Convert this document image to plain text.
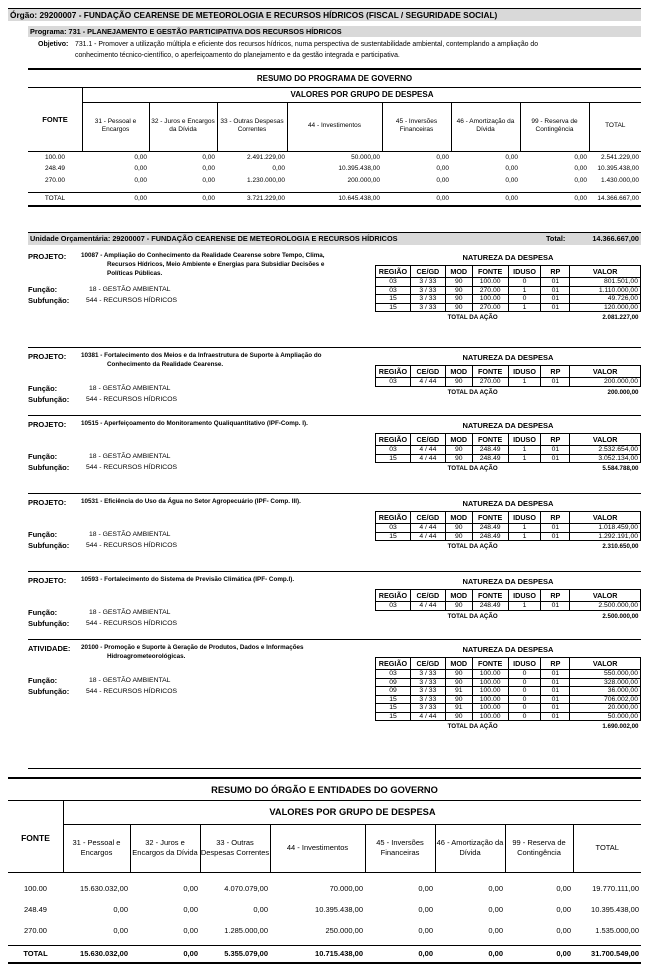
Órgão: 29200007 - FUNDAÇÃO CEARENSE DE METEOROLOGIA E RECURSOS HÍDRICOS (FISCAL / SEGURIDADE SOCIAL)
Programa: 731 - PLANEJAMENTO E GESTÃO PARTICIPATIVA DOS RECURSOS HÍDRICOS
Objetivo: 731.1 - Promover a utilização múltipla e eficiente dos recursos hídricos, numa perspectiva de sustentabilidade ambiental, contemplando a ampliação do
conhecimento técnico-científico, o aperfeiçoamento do planejamento e da gestão integrada e participativa.
RESUMO DO PROGRAMA DE GOVERNO
VALORES POR GRUPO DE DESPESA
FONTE
		31 - Pessoal e Encargos	32 - Juros e Encargos da Dívida	33 - Outras Despesas Correntes	44 - Investimentos	45 - Inversões Financeiras	46 - Amortização da Dívida	99 - Reserva de Contingência	TOTAL

100.00	0,00	0,00	2.491.229,00	50.000,00	0,00	0,00	0,00	2.541.229,00
248.49	0,00	0,00	0,00	10.395.438,00	0,00	0,00	0,00	10.395.438,00
270.00	0,00	0,00	1.230.000,00	200.000,00	0,00	0,00	0,00	1.430.000,00

TOTAL	0,00	0,00	3.721.229,00	10.645.438,00	0,00	0,00	0,00	14.366.667,00
Unidade Orçamentária: 29200007 - FUNDAÇÃO CEARENSE DE METEOROLOGIA E RECURSOS HÍDRICOS	Total:	14.366.667,00
PROJETO: 10087 - Ampliação do Conhecimento da Realidade Cearense sobre Tempo, Clima,
Recursos Hídricos, Meio Ambiente e Energias para Subsidiar Decisões e
Políticas Públicas.
Função:	18 - GESTÃO AMBIENTAL
Subfunção: 544 - RECURSOS HÍDRICOS
NATUREZA DA DESPESA
REGIÃO	CE/GD	MOD	FONTE	IDUSO	RP	VALOR
03	3 / 33	90	100.00	0	01	801.501,00
03	3 / 33	90	270.00	1	01	1.110.000,00
15	3 / 33	90	100.00	0	01	49.726,00
15	3 / 33	90	270.00	1	01	120.000,00
TOTAL DA AÇÃO						2.081.227,00
PROJETO: 10381 - Fortalecimento dos Meios e da Infraestrutura de Suporte à Ampliação do
Conhecimento da Realidade Cearense.
Função:	18 - GESTÃO AMBIENTAL
Subfunção: 544 - RECURSOS HÍDRICOS
NATUREZA DA DESPESA
REGIÃO	CE/GD	MOD	FONTE	IDUSO	RP	VALOR
03	4 / 44	90	270.00	1	01	200.000,00
TOTAL DA AÇÃO						200.000,00
PROJETO: 10515 - Aperfeiçoamento do Monitoramento Qualiquantitativo (IPF-Comp. I).
Função:	18 - GESTÃO AMBIENTAL
Subfunção: 544 - RECURSOS HÍDRICOS
NATUREZA DA DESPESA
REGIÃO	CE/GD	MOD	FONTE	IDUSO	RP	VALOR
03	4 / 44	90	248.49	1	01	2.532.654,00
15	4 / 44	90	248.49	1	01	3.052.134,00
TOTAL DA AÇÃO						5.584.788,00
PROJETO: 10531 - Eficiência do Uso da Água no Setor Agropecuário (IPF- Comp. III).
Função:	18 - GESTÃO AMBIENTAL
Subfunção: 544 - RECURSOS HÍDRICOS
NATUREZA DA DESPESA
REGIÃO	CE/GD	MOD	FONTE	IDUSO	RP	VALOR
03	4 / 44	90	248.49	1	01	1.018.459,00
15	4 / 44	90	248.49	1	01	1.292.191,00
TOTAL DA AÇÃO						2.310.650,00
PROJETO: 10593 - Fortalecimento do Sistema de Previsão Climática (IPF- Comp.I).
Função:	18 - GESTÃO AMBIENTAL
Subfunção: 544 - RECURSOS HÍDRICOS
NATUREZA DA DESPESA
REGIÃO	CE/GD	MOD	FONTE	IDUSO	RP	VALOR
03	4 / 44	90	248.49	1	01	2.500.000,00
TOTAL DA AÇÃO						2.500.000,00
ATIVIDADE: 20100 - Promoção e Suporte à Geração de Produtos, Dados e Informações
Hidroagrometeorológicas.
Função:	18 - GESTÃO AMBIENTAL
Subfunção: 544 - RECURSOS HÍDRICOS
NATUREZA DA DESPESA
REGIÃO	CE/GD	MOD	FONTE	IDUSO	RP	VALOR
03	3 / 33	90	100.00	0	01	550.000,00
09	3 / 33	90	100.00	0	01	328.000,00
09	3 / 33	91	100.00	0	01	36.000,00
15	3 / 33	90	100.00	0	01	706.002,00
15	3 / 33	91	100.00	0	01	20.000,00
15	4 / 44	90	100.00	0	01	50.000,00
TOTAL DA AÇÃO						1.690.002,00
RESUMO DO ÓRGÃO E ENTIDADES DO GOVERNO
VALORES POR GRUPO DE DESPESA
FONTE
		31 - Pessoal e Encargos	32 - Juros e Encargos da Dívida	33 - Outras Despesas Correntes	44 - Investimentos	45 - Inversões Financeiras	46 - Amortização da Dívida	99 - Reserva de Contingência	TOTAL

100.00	15.630.032,00	0,00	4.070.079,00	70.000,00	0,00	0,00	0,00	19.770.111,00
248.49	0,00	0,00	0,00	10.395.438,00	0,00	0,00	0,00	10.395.438,00
270.00	0,00	0,00	1.285.000,00	250.000,00	0,00	0,00	0,00	1.535.000,00

TOTAL	15.630.032,00	0,00	5.355.079,00	10.715.438,00	0,00	0,00	0,00	31.700.549,00
